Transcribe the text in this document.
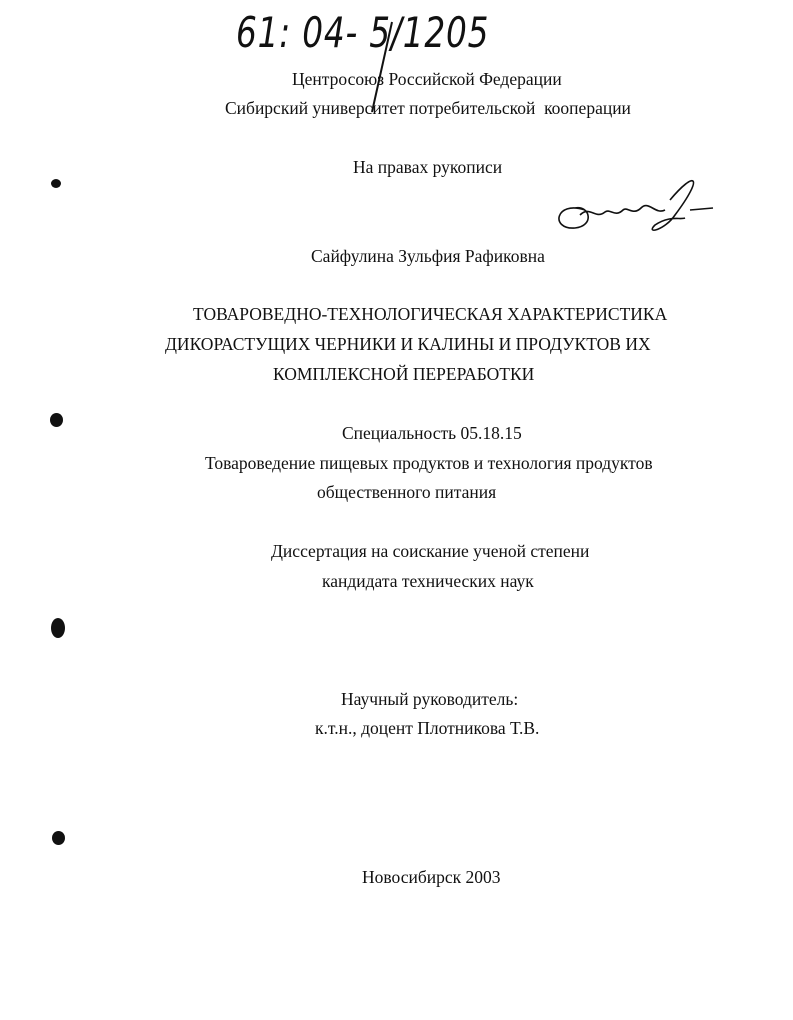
61: 04- 5/1205
Центросоюз Российской Федерации
Сибирский университет потребительской  кооперации
На правах рукописи
Сайфулина Зульфия Рафиковна
ТОВАРОВЕДНО-ТЕХНОЛОГИЧЕСКАЯ ХАРАКТЕРИСТИКА
ДИКОРАСТУЩИХ ЧЕРНИКИ И КАЛИНЫ И ПРОДУКТОВ ИХ
КОМПЛЕКСНОЙ ПЕРЕРАБОТКИ
Специальность 05.18.15
Товароведение пищевых продуктов и технология продуктов
общественного питания
Диссертация на соискание ученой степени
кандидата технических наук
Научный руководитель:
к.т.н., доцент Плотникова Т.В.
Новосибирск 2003
